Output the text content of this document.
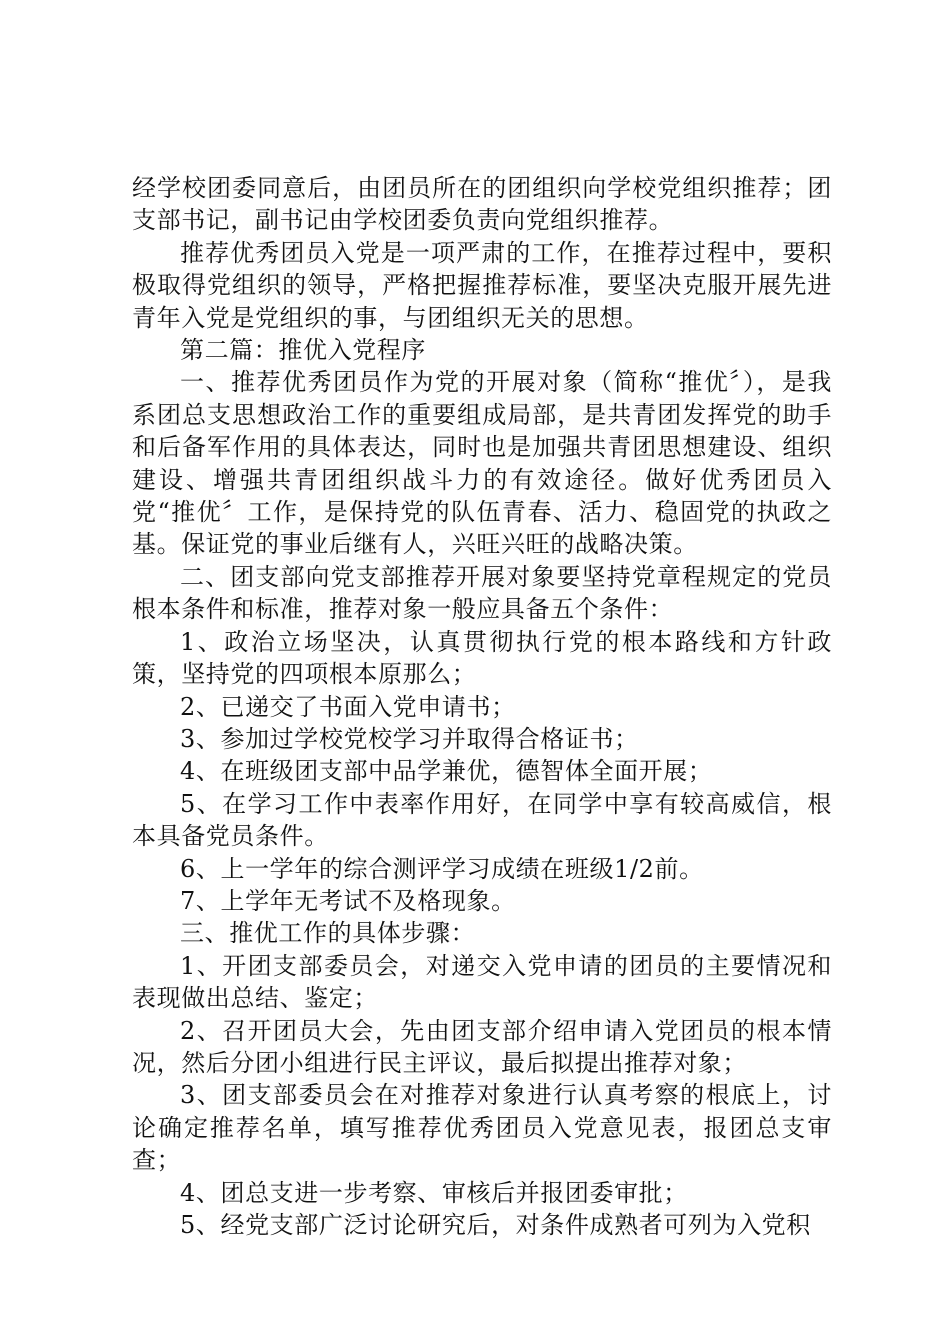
经学校团委同意后，由团员所在的团组织向学校党组织推荐；团支部书记，副书记由学校团委负责向党组织推荐。

推荐优秀团员入党是一项严肃的工作，在推荐过程中，要积极取得党组织的领导，严格把握推荐标准，要坚决克服开展先进青年入党是党组织的事，与团组织无关的思想。

第二篇：推优入党程序

一、推荐优秀团员作为党的开展对象（简称“推优〞），是我系团总支思想政治工作的重要组成局部，是共青团发挥党的助手和后备军作用的具体表达，同时也是加强共青团思想建设、组织建设、增强共青团组织战斗力的有效途径。做好优秀团员入党“推优〞工作，是保持党的队伍青春、活力、稳固党的执政之基。保证党的事业后继有人，兴旺兴旺的战略决策。

二、团支部向党支部推荐开展对象要坚持党章程规定的党员根本条件和标准，推荐对象一般应具备五个条件：

1、政治立场坚决，认真贯彻执行党的根本路线和方针政策，坚持党的四项根本原那么；

2、已递交了书面入党申请书；

3、参加过学校党校学习并取得合格证书；

4、在班级团支部中品学兼优，德智体全面开展；

5、在学习工作中表率作用好，在同学中享有较高威信，根本具备党员条件。

6、上一学年的综合测评学习成绩在班级1/2前。

7、上学年无考试不及格现象。

三、推优工作的具体步骤：

1、开团支部委员会，对递交入党申请的团员的主要情况和表现做出总结、鉴定；

2、召开团员大会，先由团支部介绍申请入党团员的根本情况，然后分团小组进行民主评议，最后拟提出推荐对象；

3、团支部委员会在对推荐对象进行认真考察的根底上，讨论确定推荐名单，填写推荐优秀团员入党意见表，报团总支审查；

4、团总支进一步考察、审核后并报团委审批；

5、经党支部广泛讨论研究后，对条件成熟者可列为入党积
